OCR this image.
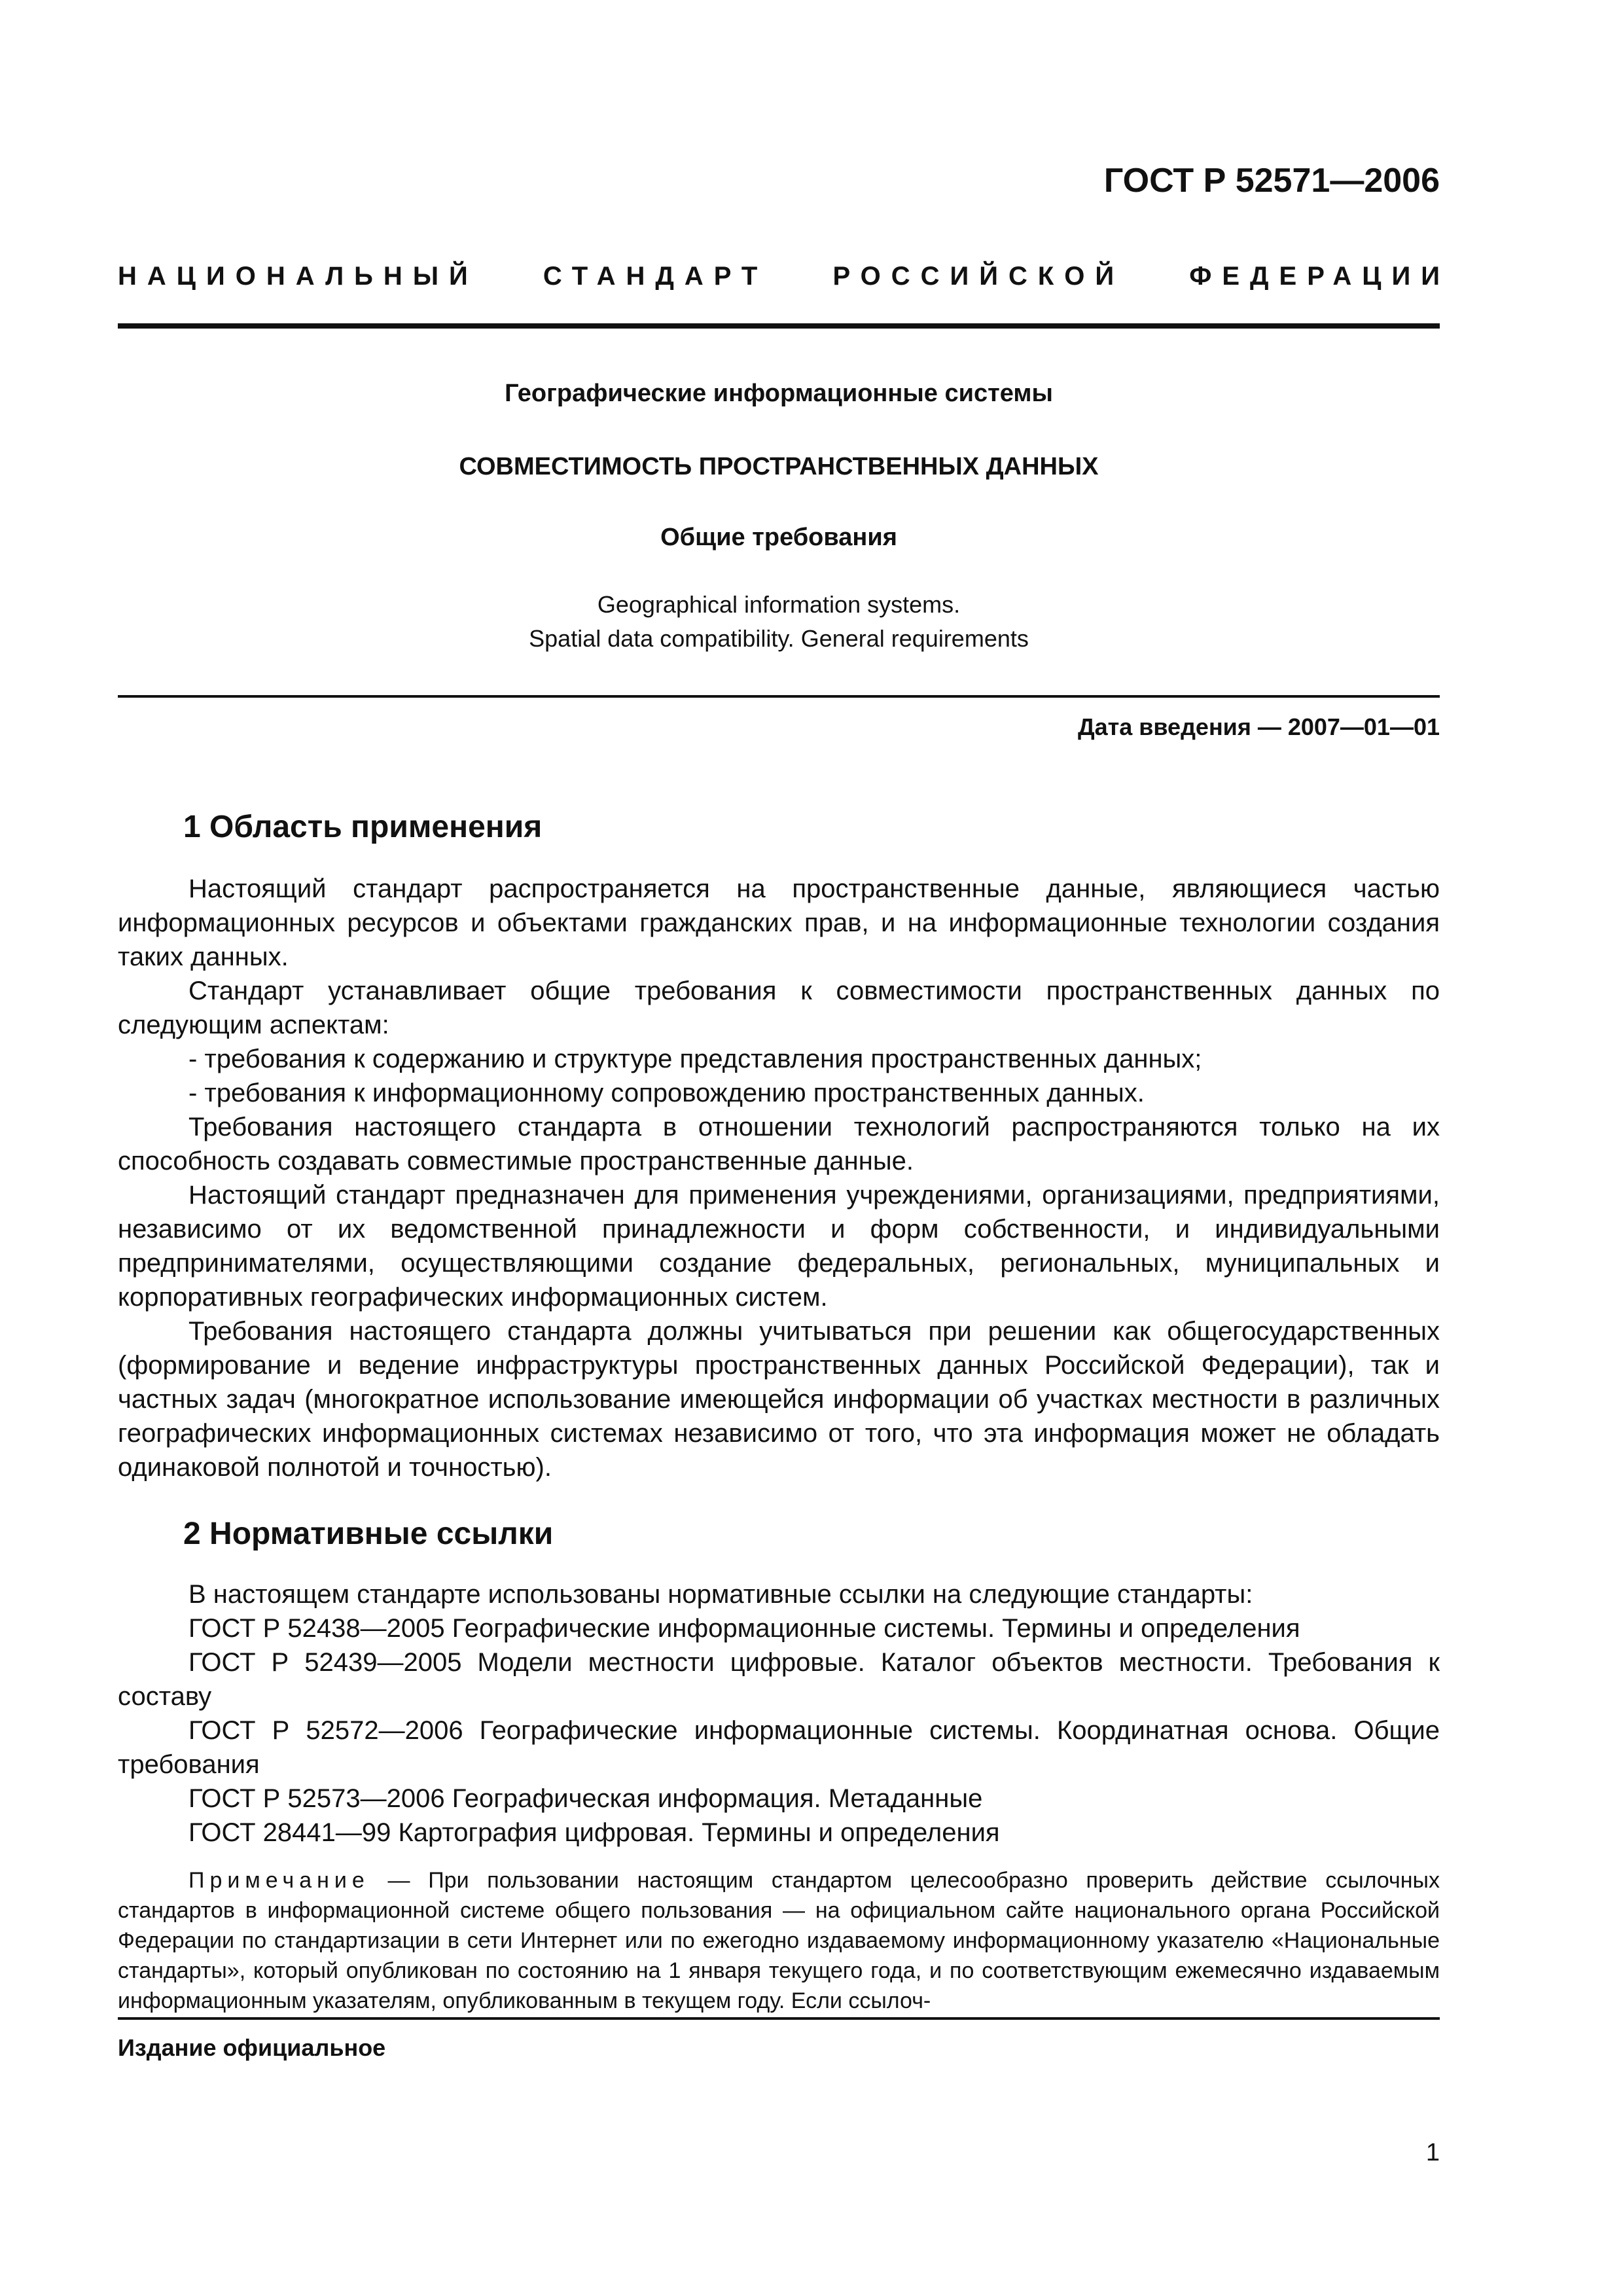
ГОСТ Р 52571—2006
НАЦИОНАЛЬНЫЙ СТАНДАРТ РОССИЙСКОЙ ФЕДЕРАЦИИ
Географические информационные системы
СОВМЕСТИМОСТЬ ПРОСТРАНСТВЕННЫХ ДАННЫХ
Общие требования
Geographical information systems.
Spatial data compatibility. General requirements
Дата введения — 2007—01—01
1 Область применения

Настоящий стандарт распространяется на пространственные данные, являющиеся частью информационных ресурсов и объектами гражданских прав, и на информационные технологии создания таких данных.

Стандарт устанавливает общие требования к совместимости пространственных данных по следующим аспектам:

- требования к содержанию и структуре представления пространственных данных;

- требования к информационному сопровождению пространственных данных.

Требования настоящего стандарта в отношении технологий распространяются только на их способность создавать совместимые пространственные данные.

Настоящий стандарт предназначен для применения учреждениями, организациями, предприятиями, независимо от их ведомственной принадлежности и форм собственности, и индивидуальными предпринимателями, осуществляющими создание федеральных, региональных, муниципальных и корпоративных географических информационных систем.

Требования настоящего стандарта должны учитываться при решении как общегосударственных (формирование и ведение инфраструктуры пространственных данных Российской Федерации), так и частных задач (многократное использование имеющейся информации об участках местности в различных географических информационных системах независимо от того, что эта информация может не обладать одинаковой полнотой и точностью).

2 Нормативные ссылки

В настоящем стандарте использованы нормативные ссылки на следующие стандарты:

ГОСТ Р 52438—2005 Географические информационные системы. Термины и определения

ГОСТ Р 52439—2005 Модели местности цифровые. Каталог объектов местности. Требования к составу

ГОСТ Р 52572—2006 Географические информационные системы. Координатная основа. Общие требования

ГОСТ Р 52573—2006 Географическая информация. Метаданные

ГОСТ 28441—99 Картография цифровая. Термины и определения

Примечание — При пользовании настоящим стандартом целесообразно проверить действие ссылочных стандартов в информационной системе общего пользования — на официальном сайте национального органа Российской Федерации по стандартизации в сети Интернет или по ежегодно издаваемому информационному указателю «Национальные стандарты», который опубликован по состоянию на 1 января текущего года, и по соответствующим ежемесячно издаваемым информационным указателям, опубликованным в текущем году. Если ссылоч-

Издание официальное
1
